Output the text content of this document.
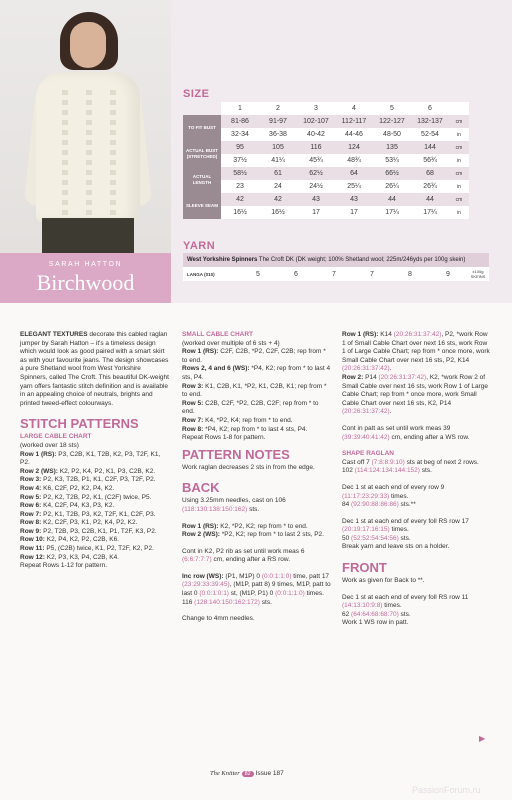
SARAH HATTON
Birchwood
SIZE
	1	2	3	4	5	6	
TO FIT BUST	81-86	91-97	102-107	112-117	122-127	132-137	cm
	32-34	36-38	40-42	44-46	48-50	52-54	in
ACTUAL BUST (STRETCHED)	95	105	116	124	135	144	cm
	37½	41¼	45¾	48¾	53¼	56¾	in
ACTUAL LENGTH	58½	61	62½	64	66½	68	cm
	23	24	24½	25¼	26¼	26¾	in
SLEEVE SEAM	42	42	43	43	44	44	cm
	16½	16½	17	17	17¼	17¼	in
YARN
West Yorkshire Spinners The Croft DK (DK weight; 100% Shetland wool; 225m/246yds per 100g skein)
LANGA (010)	5	6	7	7	8	9	x100g SKEINS

ELEGANT TEXTURES decorate this cabled raglan jumper by Sarah Hatton – it's a timeless design which would look as good paired with a smart skirt as with your favourite jeans. The design showcases a pure Shetland wool from West Yorkshire Spinners, called The Croft. This beautiful DK-weight yarn offers fantastic stitch definition and is available in an appealing choice of neutrals, brights and printed tweed-effect colourways.

STITCH PATTERNS
LARGE CABLE CHART
(worked over 18 sts)
Row 1 (RS): P3, C2B, K1, T2B, K2, P3, T2F, K1, P2.
Row 2 (WS): K2, P2, K4, P2, K1, P3, C2B, K2.
Row 3: P2, K3, T2B, P1, K1, C2F, P3, T2F, P2.
Row 4: K6, C2F, P2, K2, P4, K2.
Row 5: P2, K2, T2B, P2, K1, (C2F) twice, P5.
Row 6: K4, C2F, P4, K3, P3, K2.
Row 7: P2, K1, T2B, P3, K2, T2F, K1, C2F, P3.
Row 8: K2, C2F, P3, K1, P2, K4, P2, K2.
Row 9: P2, T2B, P3, C2B, K1, P1, T2F, K3, P2.
Row 10: K2, P4, K2, P2, C2B, K6.
Row 11: P5, (C2B) twice, K1, P2, T2F, K2, P2.
Row 12: K2, P3, K3, P4, C2B, K4.
Repeat Rows 1-12 for pattern.
SMALL CABLE CHART
(worked over multiple of 6 sts + 4)
Row 1 (RS): C2F, C2B, *P2, C2F, C2B; rep from * to end.
Rows 2, 4 and 6 (WS): *P4, K2; rep from * to last 4 sts, P4.
Row 3: K1, C2B, K1, *P2, K1, C2B, K1; rep from * to end.
Row 5: C2B, C2F, *P2, C2B, C2F; rep from * to end.
Row 7: K4, *P2, K4; rep from * to end.
Row 8: *P4, K2; rep from * to last 4 sts, P4.
Repeat Rows 1-8 for pattern.
PATTERN NOTES

Work raglan decreases 2 sts in from the edge.

BACK

Using 3.25mm needles, cast on 106 (118:130:138:150:162) sts.

Row 1 (RS): K2, *P2, K2; rep from * to end.
Row 2 (WS): *P2, K2; rep from * to last 2 sts, P2.

Cont in K2, P2 rib as set until work meas 6 (6:6:7:7:7) cm, ending after a RS row.

Inc row (WS): (P1, M1P) 0 (0:0:1:1:0) time, patt 17 (23:29:33:39:45), (M1P, patt 8) 9 times, M1P, patt to last 0 (0:0:1:0:1) st, (M1P, P1) 0 (0:0:1:1:0) times. 116 (128:140:150:162:172) sts.

Change to 4mm needles.

Row 1 (RS): K14 (20:26:31:37:42), P2, *work Row 1 of Small Cable Chart over next 16 sts, work Row 1 of Large Cable Chart; rep from * once more, work Small Cable Chart over next 16 sts, P2, K14 (20:26:31:37:42).
Row 2: P14 (20:26:31:37:42), K2, *work Row 2 of Small Cable over next 16 sts, work Row 1 of Large Cable Chart; rep from * once more, work Small Cable Chart over next 16 sts, K2, P14 (20:26:31:37:42).

Cont in patt as set until work meas 39 (39:39:40:41:42) cm, ending after a WS row.

SHAPE RAGLAN

Cast off 7 (7:8:8:9:10) sts at beg of next 2 rows.
102 (114:124:134:144:152) sts.

Dec 1 st at each end of every row 9 (11:17:23:29:33) times.
84 (92:90:88:86:86) sts.**

Dec 1 st at each end of every foll RS row 17 (20:19:17:16:15) times.
50 (52:52:54:54:56) sts.
Break yarn and leave sts on a holder.

FRONT

Work as given for Back to **.

Dec 1 st at each end of every foll RS row 11 (14:13:10:9:8) times.
62 (64:64:68:68:70) sts.
Work 1 WS row in patt.

▶
The Knitter 82 Issue 187
PassionForum.ru
